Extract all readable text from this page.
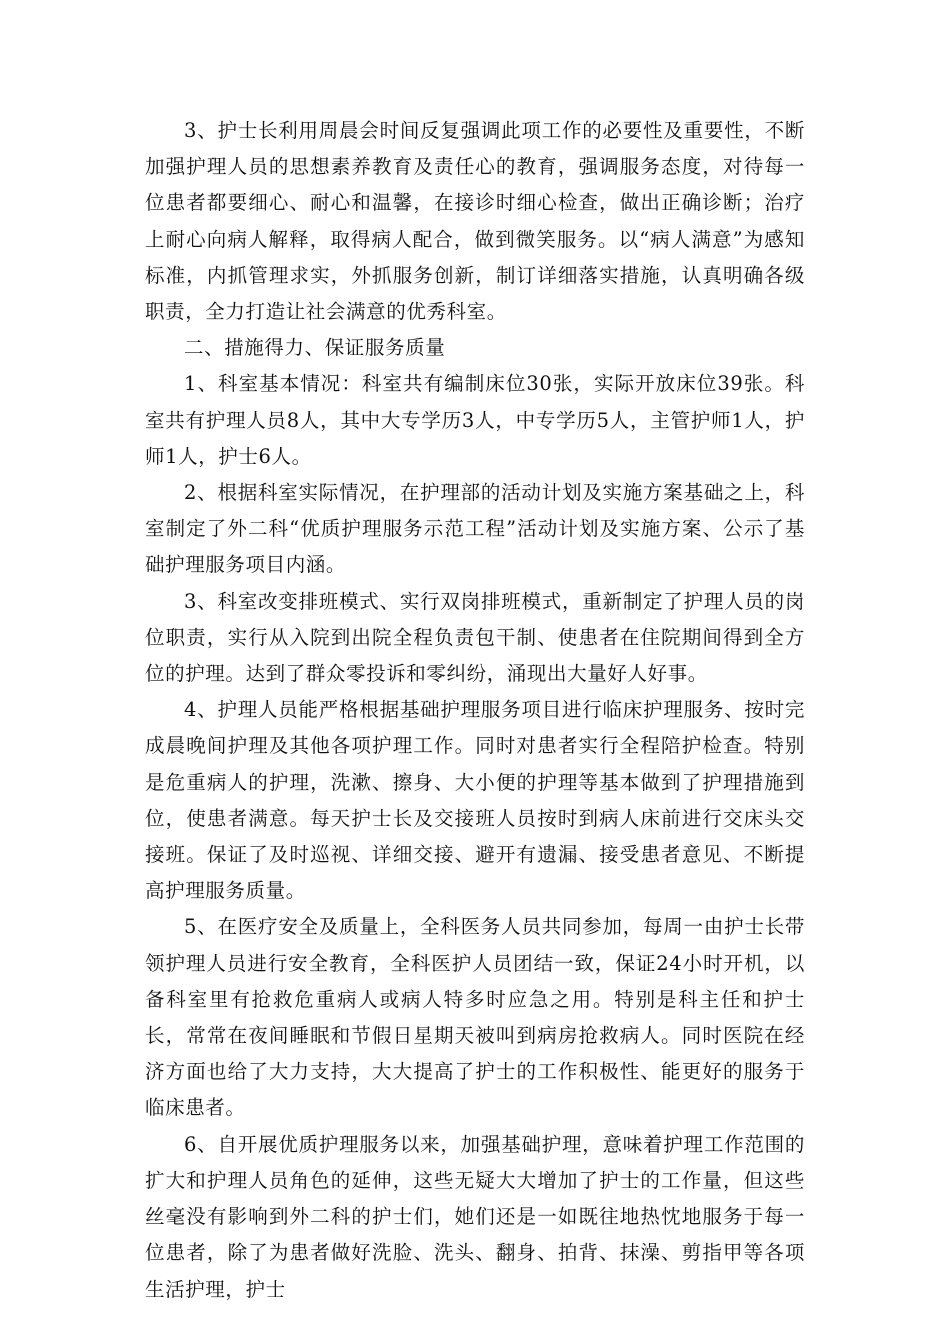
3、护士长利用周晨会时间反复强调此项工作的必要性及重要性，不断加强护理人员的思想素养教育及责任心的教育，强调服务态度，对待每一位患者都要细心、耐心和温馨，在接诊时细心检查，做出正确诊断；治疗上耐心向病人解释，取得病人配合，做到微笑服务。以“病人满意”为感知标准，内抓管理求实，外抓服务创新，制订详细落实措施，认真明确各级职责，全力打造让社会满意的优秀科室。

二、措施得力、保证服务质量

1、科室基本情况：科室共有编制床位30张，实际开放床位39张。科室共有护理人员8人，其中大专学历3人，中专学历5人，主管护师1人，护师1人，护士6人。

2、根据科室实际情况，在护理部的活动计划及实施方案基础之上，科室制定了外二科“优质护理服务示范工程”活动计划及实施方案、公示了基础护理服务项目内涵。

3、科室改变排班模式、实行双岗排班模式，重新制定了护理人员的岗位职责，实行从入院到出院全程负责包干制、使患者在住院期间得到全方位的护理。达到了群众零投诉和零纠纷，涌现出大量好人好事。

4、护理人员能严格根据基础护理服务项目进行临床护理服务、按时完成晨晚间护理及其他各项护理工作。同时对患者实行全程陪护检查。特别是危重病人的护理，洗漱、擦身、大小便的护理等基本做到了护理措施到位，使患者满意。每天护士长及交接班人员按时到病人床前进行交床头交接班。保证了及时巡视、详细交接、避开有遗漏、接受患者意见、不断提高护理服务质量。

5、在医疗安全及质量上，全科医务人员共同参加，每周一由护士长带领护理人员进行安全教育，全科医护人员团结一致，保证24小时开机，以备科室里有抢救危重病人或病人特多时应急之用。特别是科主任和护士长，常常在夜间睡眠和节假日星期天被叫到病房抢救病人。同时医院在经济方面也给了大力支持，大大提高了护士的工作积极性、能更好的服务于临床患者。

6、自开展优质护理服务以来，加强基础护理，意味着护理工作范围的扩大和护理人员角色的延伸，这些无疑大大增加了护士的工作量，但这些丝毫没有影响到外二科的护士们，她们还是一如既往地热忱地服务于每一位患者，除了为患者做好洗脸、洗头、翻身、拍背、抹澡、剪指甲等各项生活护理，护士
